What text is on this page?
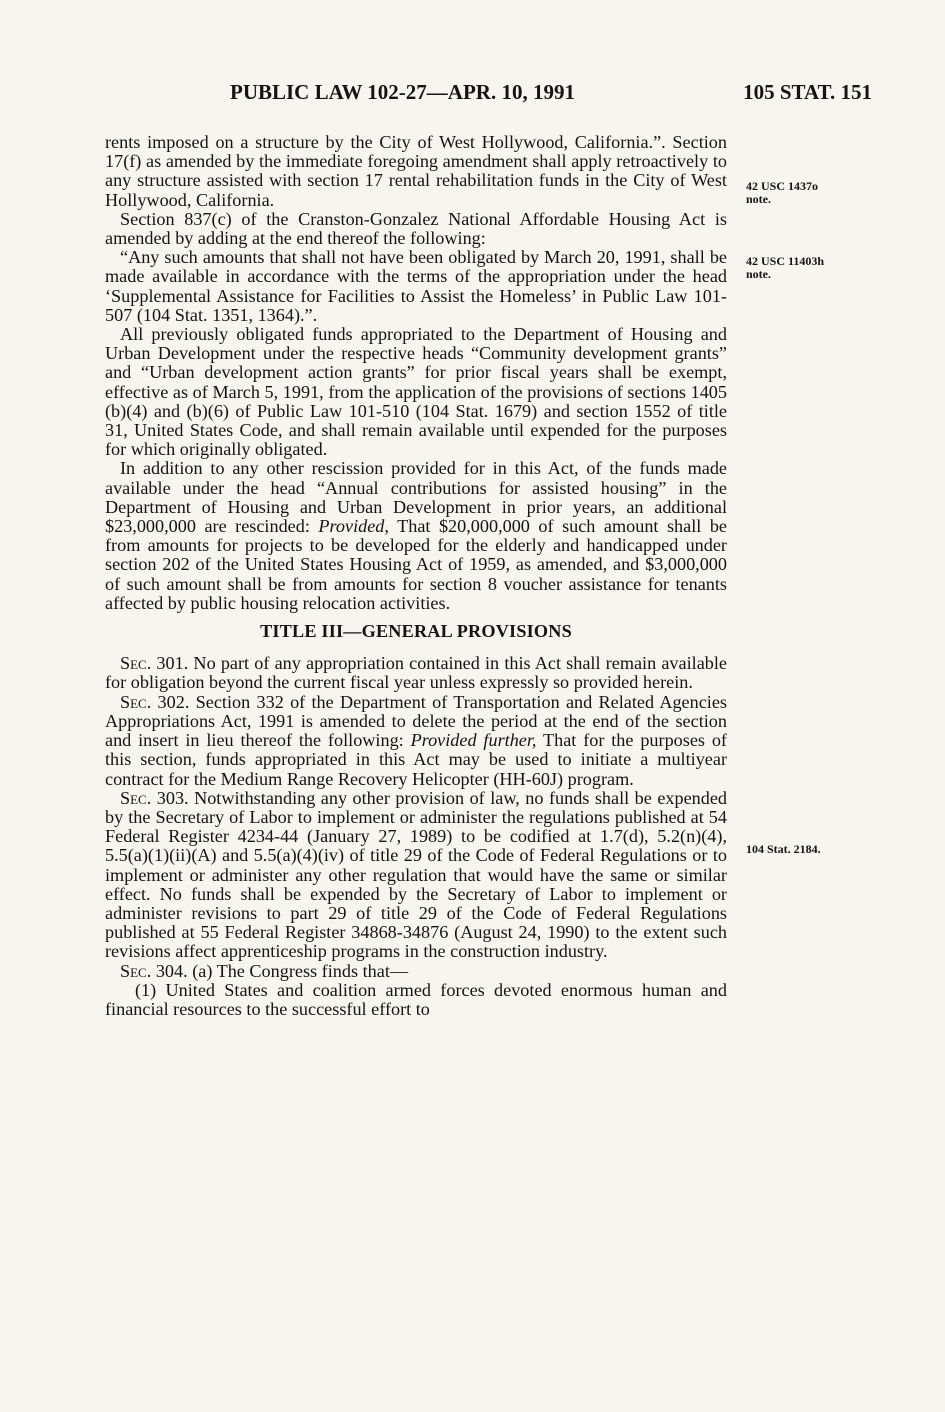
PUBLIC LAW 102-27—APR. 10, 1991	105 STAT. 151
42 USC 1437o
note.
42 USC 11403h
note.
104 Stat. 2184.

rents imposed on a structure by the City of West Hollywood, California.”. Section 17(f) as amended by the immediate foregoing amendment shall apply retroactively to any structure assisted with section 17 rental rehabilitation funds in the City of West Hollywood, California.

Section 837(c) of the Cranston-Gonzalez National Affordable Housing Act is amended by adding at the end thereof the following:

“Any such amounts that shall not have been obligated by March 20, 1991, shall be made available in accordance with the terms of the appropriation under the head ‘Supplemental Assistance for Facilities to Assist the Homeless’ in Public Law 101-507 (104 Stat. 1351, 1364).”.

All previously obligated funds appropriated to the Department of Housing and Urban Development under the respective heads “Community development grants” and “Urban development action grants” for prior fiscal years shall be exempt, effective as of March 5, 1991, from the application of the provisions of sections 1405 (b)(4) and (b)(6) of Public Law 101-510 (104 Stat. 1679) and section 1552 of title 31, United States Code, and shall remain available until expended for the purposes for which originally obligated.

In addition to any other rescission provided for in this Act, of the funds made available under the head “Annual contributions for assisted housing” in the Department of Housing and Urban Development in prior years, an additional $23,000,000 are rescinded: Provided, That $20,000,000 of such amount shall be from amounts for projects to be developed for the elderly and handicapped under section 202 of the United States Housing Act of 1959, as amended, and $3,000,000 of such amount shall be from amounts for section 8 voucher assistance for tenants affected by public housing relocation activities.

TITLE III—GENERAL PROVISIONS

Sec. 301. No part of any appropriation contained in this Act shall remain available for obligation beyond the current fiscal year unless expressly so provided herein.

Sec. 302. Section 332 of the Department of Transportation and Related Agencies Appropriations Act, 1991 is amended to delete the period at the end of the section and insert in lieu thereof the following: Provided further, That for the purposes of this section, funds appropriated in this Act may be used to initiate a multiyear contract for the Medium Range Recovery Helicopter (HH-60J) program.

Sec. 303. Notwithstanding any other provision of law, no funds shall be expended by the Secretary of Labor to implement or administer the regulations published at 54 Federal Register 4234-44 (January 27, 1989) to be codified at 1.7(d), 5.2(n)(4), 5.5(a)(1)(ii)(A) and 5.5(a)(4)(iv) of title 29 of the Code of Federal Regulations or to implement or administer any other regulation that would have the same or similar effect. No funds shall be expended by the Secretary of Labor to implement or administer revisions to part 29 of title 29 of the Code of Federal Regulations published at 55 Federal Register 34868-34876 (August 24, 1990) to the extent such revisions affect apprenticeship programs in the construction industry.

Sec. 304. (a) The Congress finds that—

(1) United States and coalition armed forces devoted enormous human and financial resources to the successful effort to
